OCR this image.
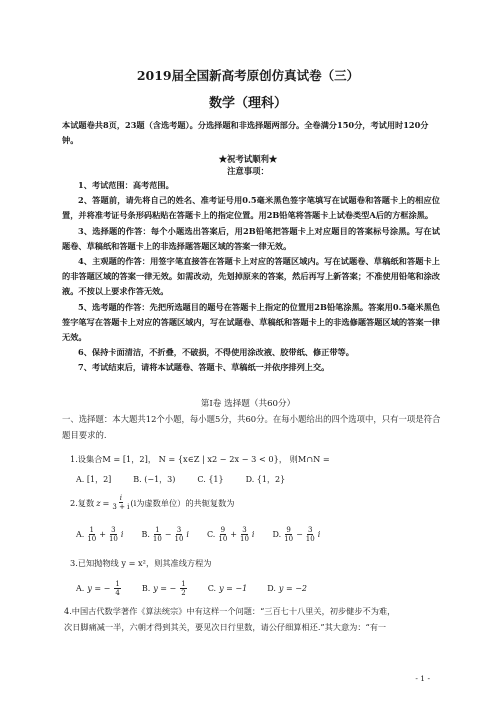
2019届全国新高考原创仿真试卷（三）
数学（理科）
本试题卷共8页，23题（含选考题）。分选择题和非选择题两部分。全卷满分150分，考试用时120分钟。
★祝考试顺利★
注意事项：

1、考试范围：高考范围。

2、答题前，请先将自己的姓名、准考证号用0.5毫米黑色签字笔填写在试题卷和答题卡上的相应位置，并将准考证号条形码粘贴在答题卡上的指定位置。用2B铅笔将答题卡上试卷类型A后的方框涂黑。

3、选择题的作答：每个小题选出答案后，用2B铅笔把答题卡上对应题目的答案标号涂黑。写在试题卷、草稿纸和答题卡上的非选择题答题区域的答案一律无效。

4、主观题的作答：用签字笔直接答在答题卡上对应的答题区域内。写在试题卷、草稿纸和答题卡上的非答题区域的答案一律无效。如需改动，先划掉原来的答案，然后再写上新答案；不准使用铅笔和涂改液。不按以上要求作答无效。

5、选考题的作答：先把所选题目的题号在答题卡上指定的位置用2B铅笔涂黑。答案用0.5毫米黑色签字笔写在答题卡上对应的答题区域内，写在试题卷、草稿纸和答题卡上的非选修题答题区域的答案一律无效。

6、保持卡面清洁，不折叠，不破损，不得使用涂改液、胶带纸、修正带等。

7、考试结束后，请将本试题卷、答题卡、草稿纸一并依序排列上交。

第Ⅰ卷 选择题（共60分）
一、选择题：本大题共12个小题，每小题5分，共60分。在每小题给出的四个选项中，只有一项是符合题目要求的.
1.设集合M = [1，2]， N = {x∈Z | x2 − 2x − 3 < 0}， 则M∩N =
A. [1，2]	B. (−1，3)	C. {1}	D. {1，2}
2.复数 $z = \frac{i}{3 + i} (i$为虚数单位）的共轭复数为
A. $\frac{1}{10} + \frac{3}{10}$ i B. $\frac{1}{10} - \frac{3}{10}$ i C. $\frac{9}{10} + \frac{3}{10}$ i D. $\frac{9}{10} - \frac{3}{10}$ i
3.已知抛物线 y = x²，则其准线方程为
A. y = − $\frac{1}{4}$	B. y = − $\frac{1}{2}$	C. y = −1	D. y = −2
4.中国古代数学著作《算法统宗》中有这样一个问题：“三百七十八里关，初步健步不为难，
次日脚痛减一半，六朝才得到其关，要见次日行里数，请公仔细算相还.”其大意为：“有一
- 1 -
